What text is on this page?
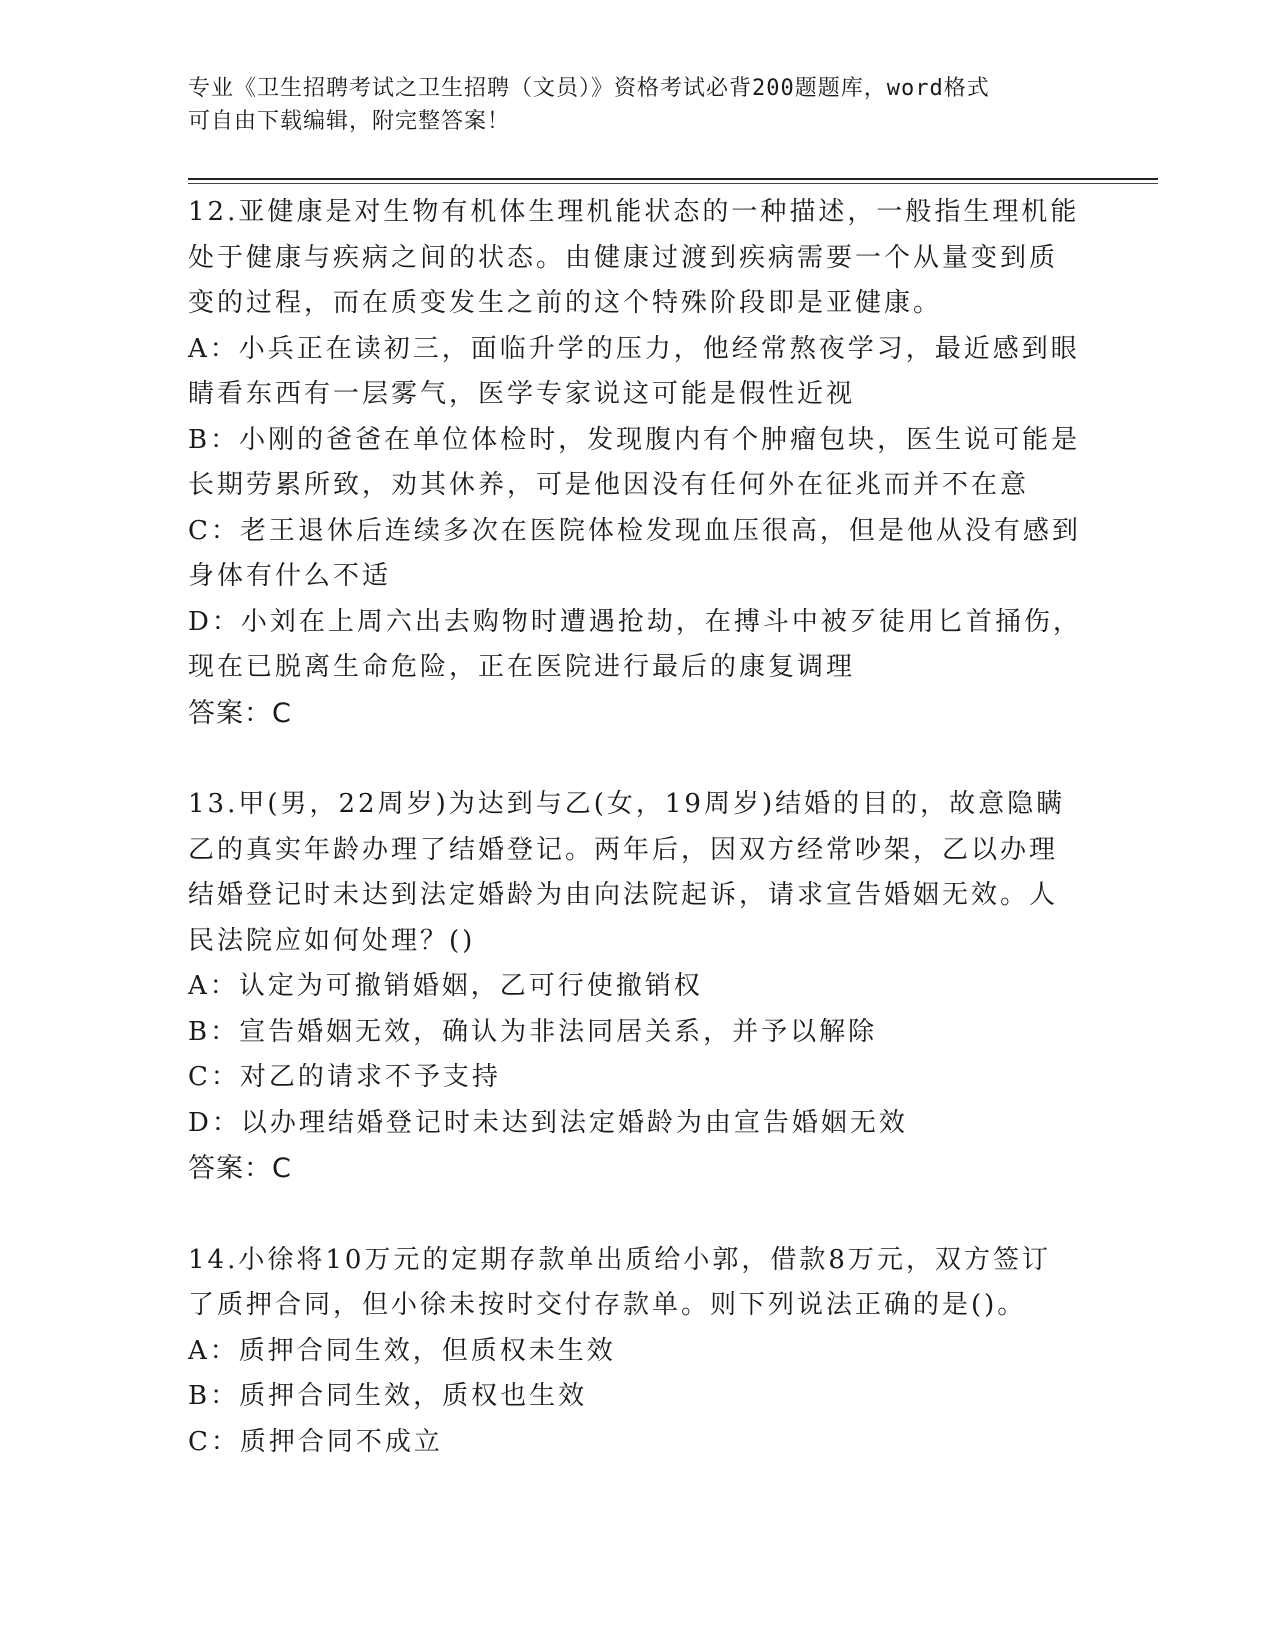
专业《卫生招聘考试之卫生招聘（文员）》资格考试必背200题题库，word格式
可自由下载编辑，附完整答案！
12.亚健康是对生物有机体生理机能状态的一种描述，一般指生理机能
处于健康与疾病之间的状态。由健康过渡到疾病需要一个从量变到质
变的过程，而在质变发生之前的这个特殊阶段即是亚健康。
A：小兵正在读初三，面临升学的压力，他经常熬夜学习，最近感到眼
睛看东西有一层雾气，医学专家说这可能是假性近视
B：小刚的爸爸在单位体检时，发现腹内有个肿瘤包块，医生说可能是
长期劳累所致，劝其休养，可是他因没有任何外在征兆而并不在意
C：老王退休后连续多次在医院体检发现血压很高，但是他从没有感到
身体有什么不适
D：小刘在上周六出去购物时遭遇抢劫，在搏斗中被歹徒用匕首捅伤，
现在已脱离生命危险，正在医院进行最后的康复调理
答案：C
13.甲(男，22周岁)为达到与乙(女，19周岁)结婚的目的，故意隐瞒
乙的真实年龄办理了结婚登记。两年后，因双方经常吵架，乙以办理
结婚登记时未达到法定婚龄为由向法院起诉，请求宣告婚姻无效。人
民法院应如何处理？()
A：认定为可撤销婚姻，乙可行使撤销权
B：宣告婚姻无效，确认为非法同居关系，并予以解除
C：对乙的请求不予支持
D：以办理结婚登记时未达到法定婚龄为由宣告婚姻无效
答案：C
14.小徐将10万元的定期存款单出质给小郭，借款8万元，双方签订
了质押合同，但小徐未按时交付存款单。则下列说法正确的是()。
A：质押合同生效，但质权未生效
B：质押合同生效，质权也生效
C：质押合同不成立
